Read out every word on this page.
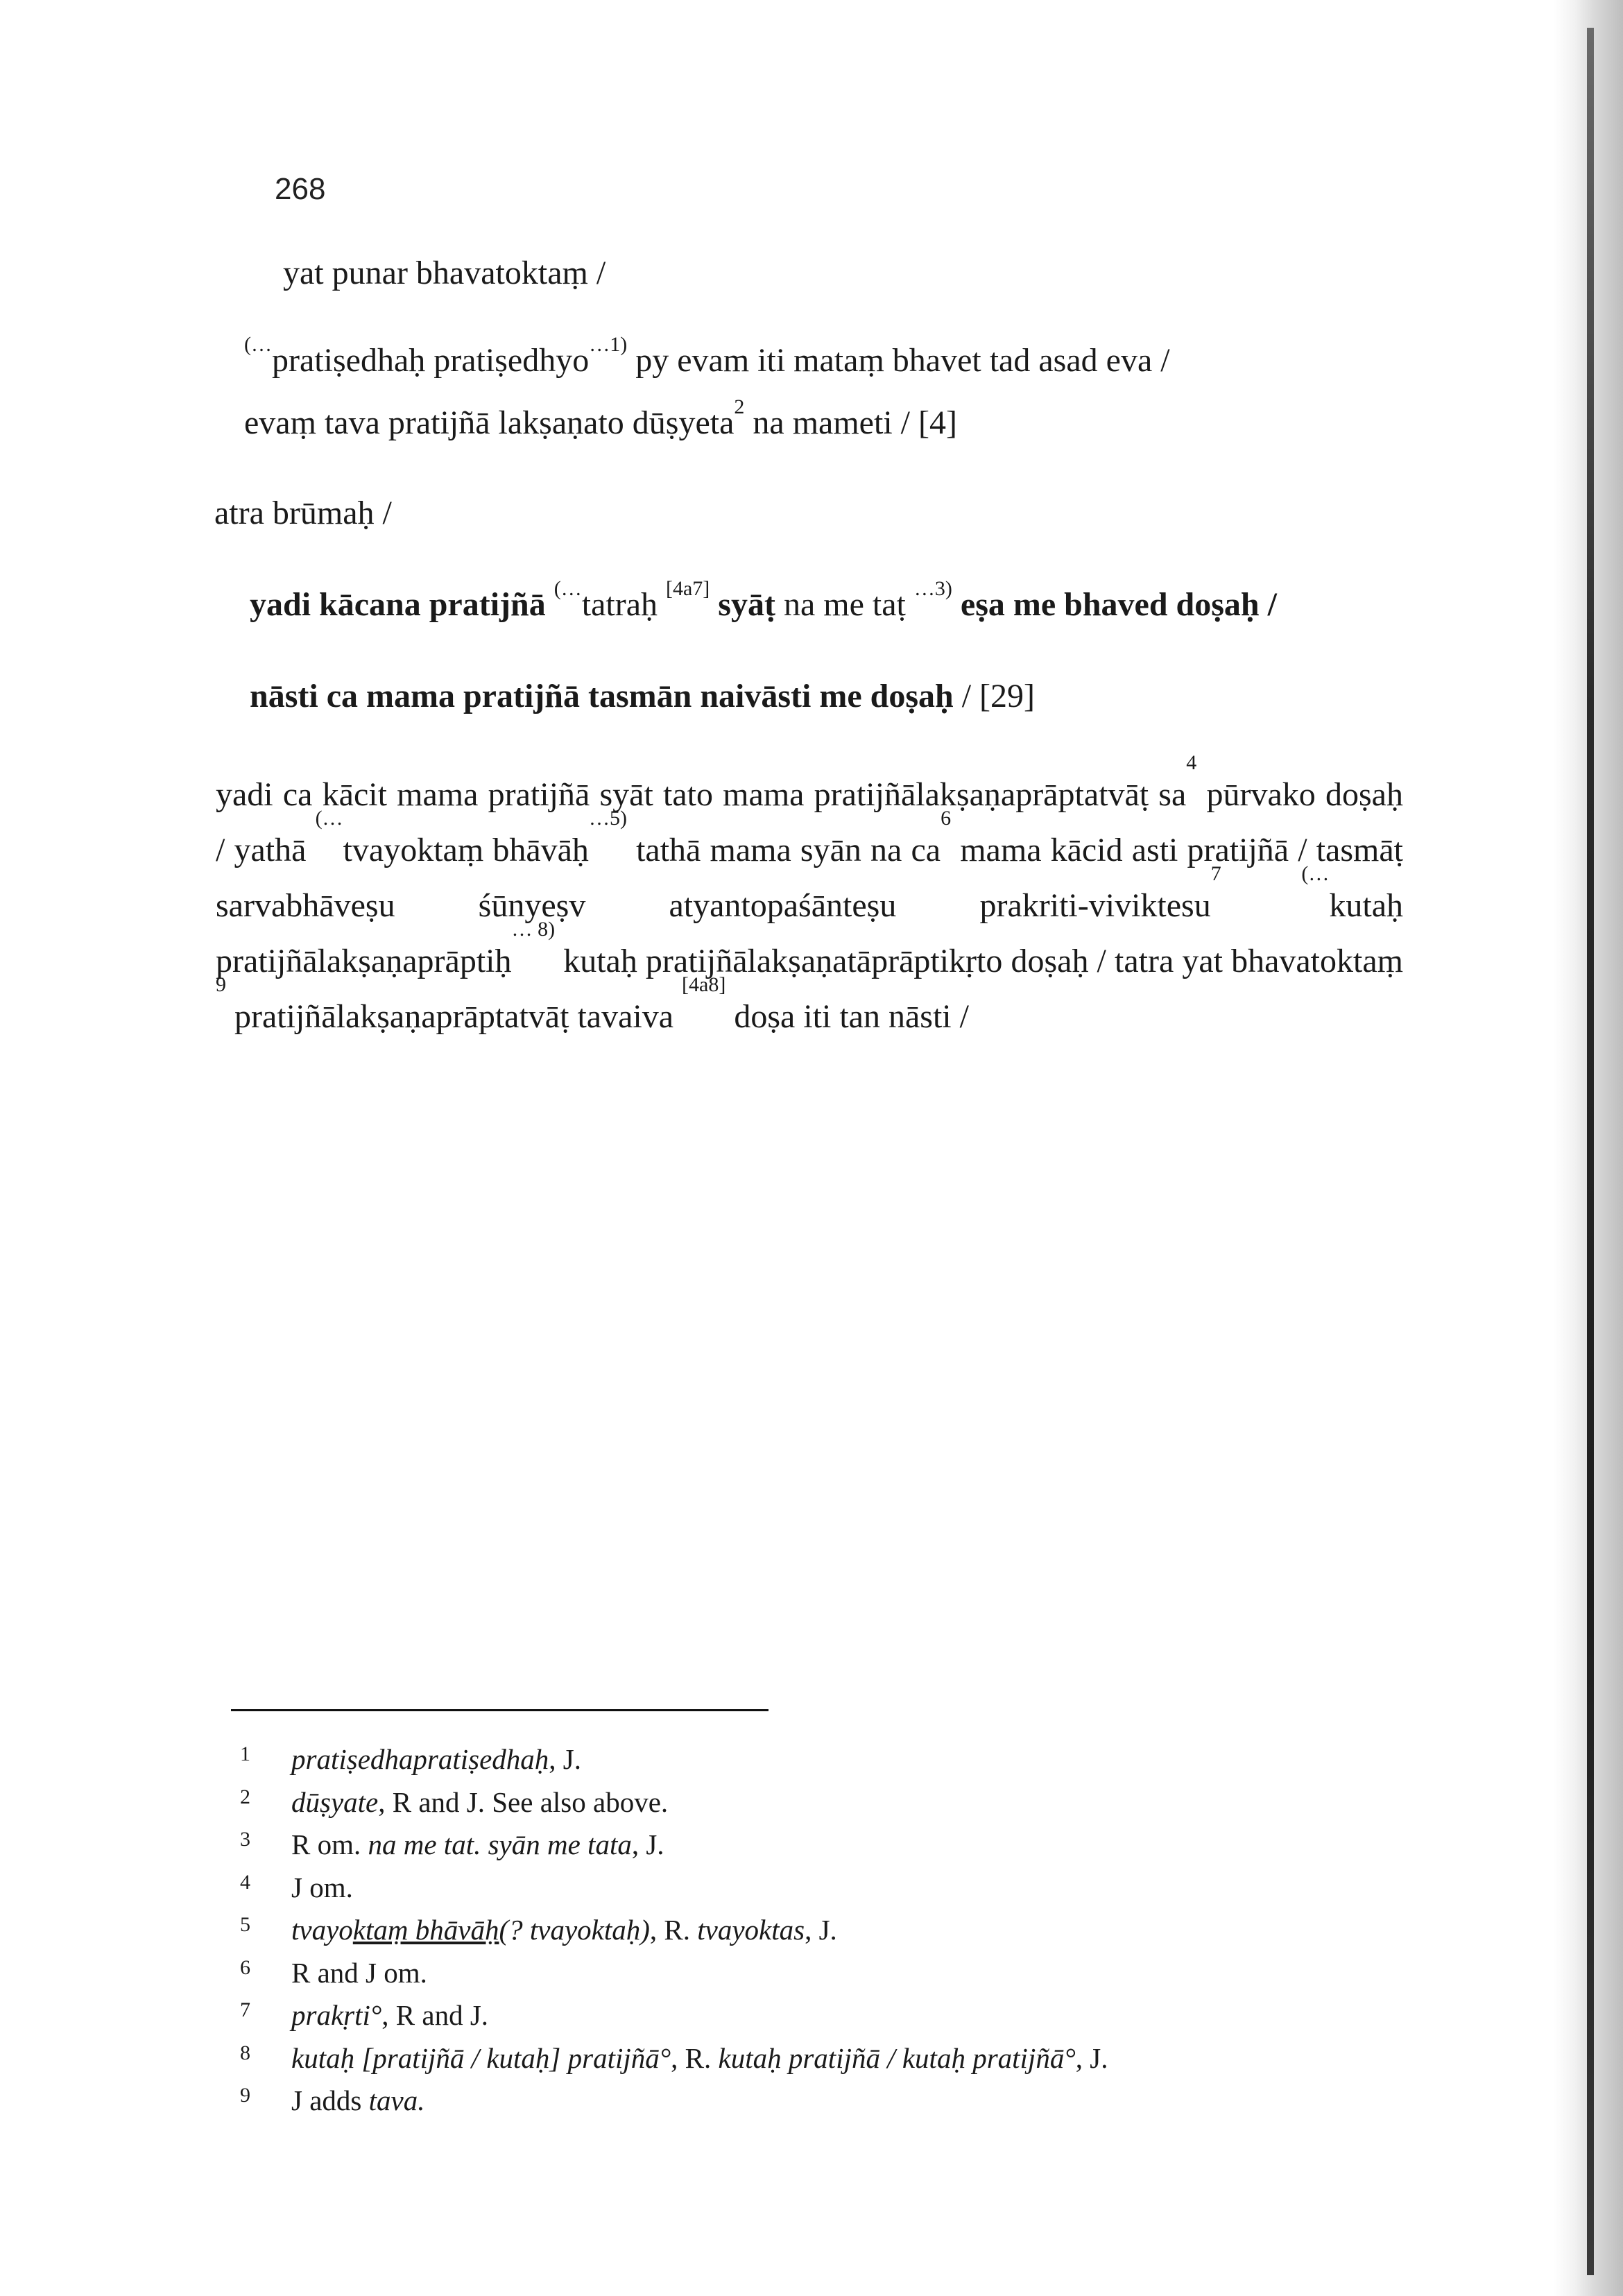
268
yat punar bhavatoktaṃ /
(…pratiṣedhaḥ pratiṣedhyo$^{\dots 1)}$ py evam iti mataṃ bhavet tad asad eva /
evaṃ tava pratijñā lakṣaṇato dūṣyeta$^2$ na mameti / [4]
atra brūmaḥ /
yadi kācana pratijñā (…tatraḥ [4a7] syāṭ na me taṭ $^{\dots 3)}$ eṣa me bhaved doṣaḥ /
nāsti ca mama pratijñā tasmān naivāsti me doṣaḥ / [29]
yadi ca kācit mama pratijñā syāt tato mama pratijñālakṣaṇaprāptatvāṭ $sa^4$ pūrvako doṣaḥ / yathā (…tvayoktaṃ bhāvāḥ$^{\dots 5)}$ tathā mama syān na $ca^6$ mama kācid asti pratijñā / tasmāṭ sarvabhāveṣu śūnyeṣv atyantopaśānteṣu prakriti-viviktesu$^7$ (…kutaḥ pratijñālakṣaṇaprāptiḥ$^{\dots 8)}$ kutaḥ pratijñālakṣaṇatāprāptikṛto doṣaḥ / tatra yat bhavatoktaṃ $^9$ pratijñālakṣaṇaprāptatvāṭ tavaiva [4a8] doṣa iti tan nāsti /
1	pratiṣedhapratiṣedhaḥ, J.
2	dūṣyate, R and J. See also above.
3	R om. na me tat. syān me tata, J.
4	J om.
5	tvayoktaṃ bhāvāḥ(? tvayoktaḥ), R. tvayoktas, J.
6	R and J om.
7	prakṛti°, R and J.
8	kutaḥ [pratijñā / kutaḥ] pratijñā°, R. kutaḥ pratijñā / kutaḥ pratijñā°, J.
9	J adds tava.
